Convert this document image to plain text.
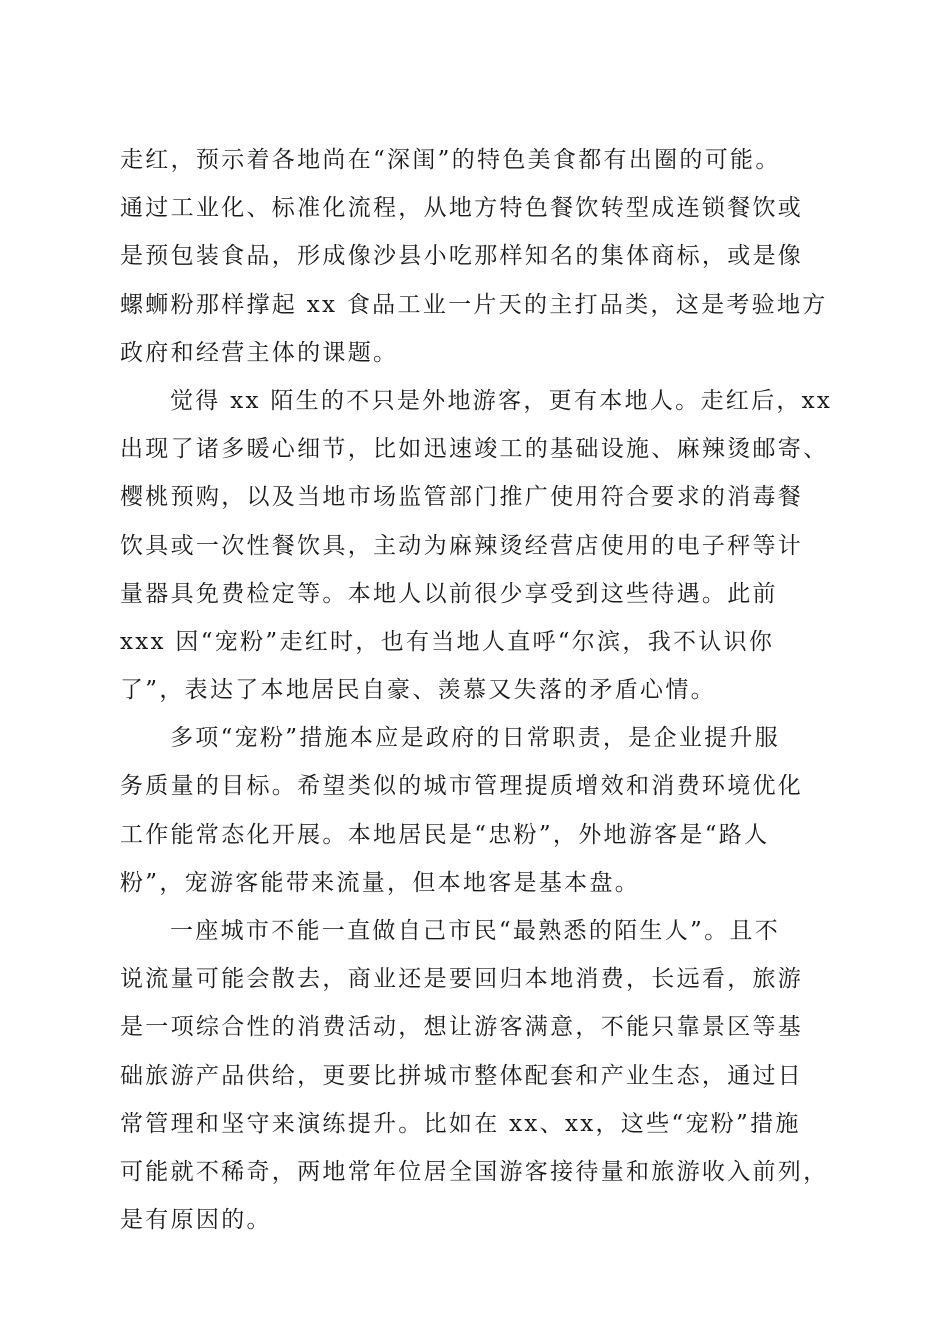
走红，预示着各地尚在“深闺”的特色美食都有出圈的可能。
通过工业化、标准化流程，从地方特色餐饮转型成连锁餐饮或
是预包装食品，形成像沙县小吃那样知名的集体商标，或是像
螺蛳粉那样撑起 xx 食品工业一片天的主打品类，这是考验地方
政府和经营主体的课题。
觉得 xx 陌生的不只是外地游客，更有本地人。走红后，xx
出现了诸多暖心细节，比如迅速竣工的基础设施、麻辣烫邮寄、
樱桃预购，以及当地市场监管部门推广使用符合要求的消毒餐
饮具或一次性餐饮具，主动为麻辣烫经营店使用的电子秤等计
量器具免费检定等。本地人以前很少享受到这些待遇。此前
xxx 因“宠粉”走红时，也有当地人直呼“尔滨，我不认识你
了”，表达了本地居民自豪、羡慕又失落的矛盾心情。
多项“宠粉”措施本应是政府的日常职责，是企业提升服
务质量的目标。希望类似的城市管理提质增效和消费环境优化
工作能常态化开展。本地居民是“忠粉”，外地游客是“路人
粉”，宠游客能带来流量，但本地客是基本盘。
一座城市不能一直做自己市民“最熟悉的陌生人”。且不
说流量可能会散去，商业还是要回归本地消费，长远看，旅游
是一项综合性的消费活动，想让游客满意，不能只靠景区等基
础旅游产品供给，更要比拼城市整体配套和产业生态，通过日
常管理和坚守来演练提升。比如在 xx、xx，这些“宠粉”措施
可能就不稀奇，两地常年位居全国游客接待量和旅游收入前列，
是有原因的。
